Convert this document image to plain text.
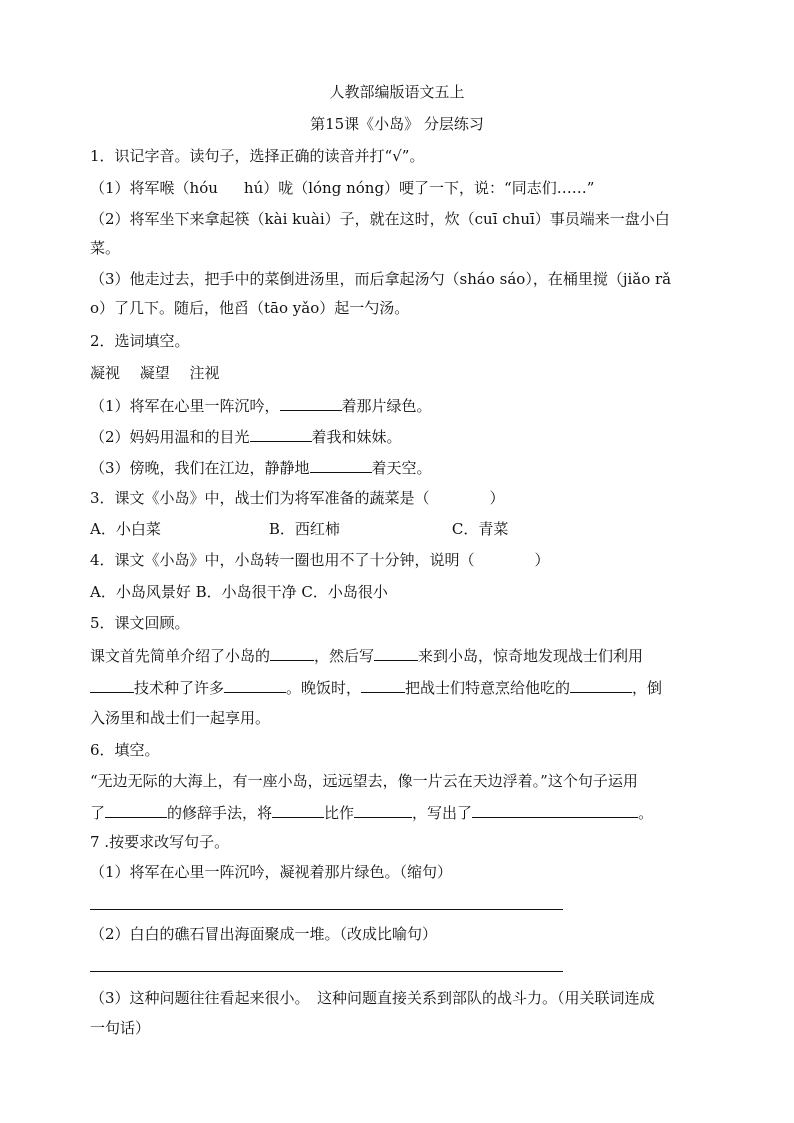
人教部编版语文五上
第15课《小岛》 分层练习
1．识记字音。读句子，选择正确的读音并打“√”。
（1）将军喉（hóu hú）咙（lóng nóng）哽了一下，说：“同志们……”
（2）将军坐下来拿起筷（kài kuài）子，就在这时，炊（cuī chuī）事员端来一盘小白
菜。
（3）他走过去，把手中的菜倒进汤里，而后拿起汤勺（sháo sáo），在桶里搅（jiǎo rǎ
o）了几下。随后，他舀（tāo yǎo）起一勺汤。
2．选词填空。
凝视　 凝望　 注视
（1）将军在心里一阵沉吟，	着那片绿色。
（2）妈妈用温和的目光	着我和妹妹。
（3）傍晚，我们在江边，静静地	着天空。
3．课文《小岛》中，战士们为将军准备的蔬菜是（	）
A．小白菜	B．西红柿	C．青菜
4．课文《小岛》中，小岛转一圈也用不了十分钟，说明（	）
A．小岛风景好 B．小岛很干净 C．小岛很小
5．课文回顾。
课文首先简单介绍了小岛的	，然后写	来到小岛，惊奇地发现战士们利用
技术种了许多	。晚饭时，	把战士们特意烹给他吃的	，倒
入汤里和战士们一起享用。
6．填空。
“无边无际的大海上，有一座小岛，远远望去，像一片云在天边浮着。”这个句子运用
了	的修辞手法，将	比作	，写出了	。
7 .按要求改写句子。
（1）将军在心里一阵沉吟，凝视着那片绿色。（缩句）
（2）白白的礁石冒出海面聚成一堆。（改成比喻句）
（3）这种问题往往看起来很小。　这种问题直接关系到部队的战斗力。（用关联词连成
一句话）
